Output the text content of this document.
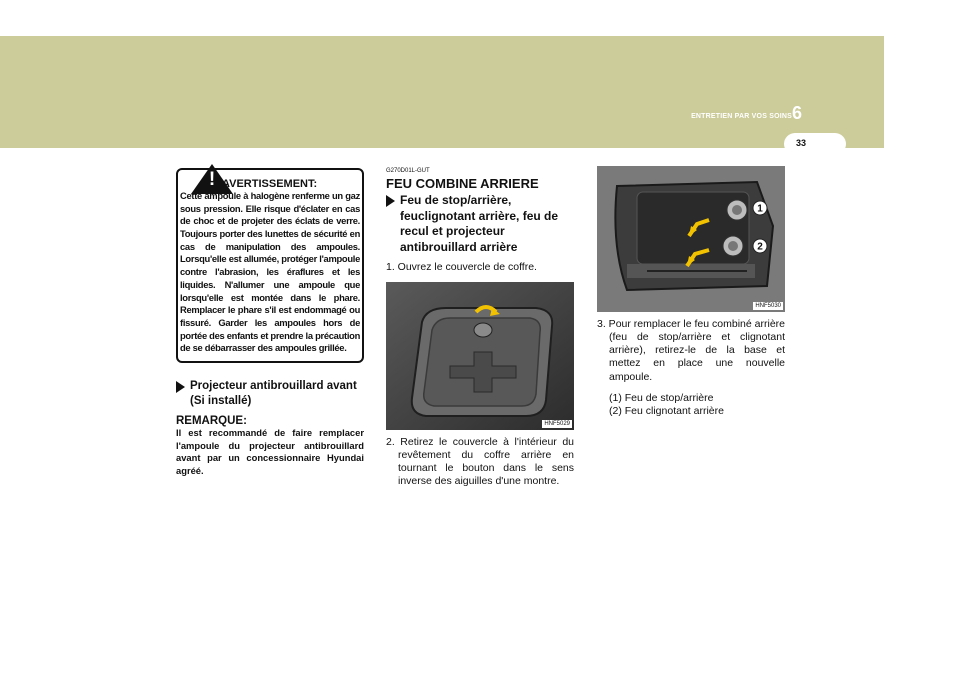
ENTRETIEN PAR VOS SOINS 6
33
! AVERTISSEMENT:
Cette ampoule à halogène renferme un gaz sous pression. Elle risque d'éclater en cas de choc et de projeter des éclats de verre. Toujours porter des lunettes de sécurité en cas de manipulation des ampoules. Lorsqu'elle est allumée, protéger l'ampoule contre l'abrasion, les éraflures et les liquides. N'allumer une ampoule que lorsqu'elle est montée dans le phare. Remplacer le phare s'il est endommagé ou fissuré. Garder les ampoules hors de portée des enfants et prendre la précaution de se débarrasser des ampoules grillée.
Projecteur antibrouillard avant (Si installé)
REMARQUE:
Il est recommandé de faire remplacer l'ampoule du projecteur antibrouillard avant par un concessionnaire Hyundai agréé.
G270D01L-GUT
FEU COMBINE ARRIERE
Feu de stop/arrière, feuclignotant arrière, feu de recul et projecteur antibrouillard arrière
1. Ouvrez le couvercle de coffre.
HNF5029
2. Retirez le couvercle à l'intérieur du revêtement du coffre arrière en tournant le bouton dans le sens inverse des aiguilles d'une montre.
1
2
HNF5030
3. Pour remplacer le feu combiné arrière (feu de stop/arrière et clignotant arrière), retirez-le de la base et mettez en place une nouvelle ampoule.
(1) Feu de stop/arrière
(2) Feu clignotant arrière
